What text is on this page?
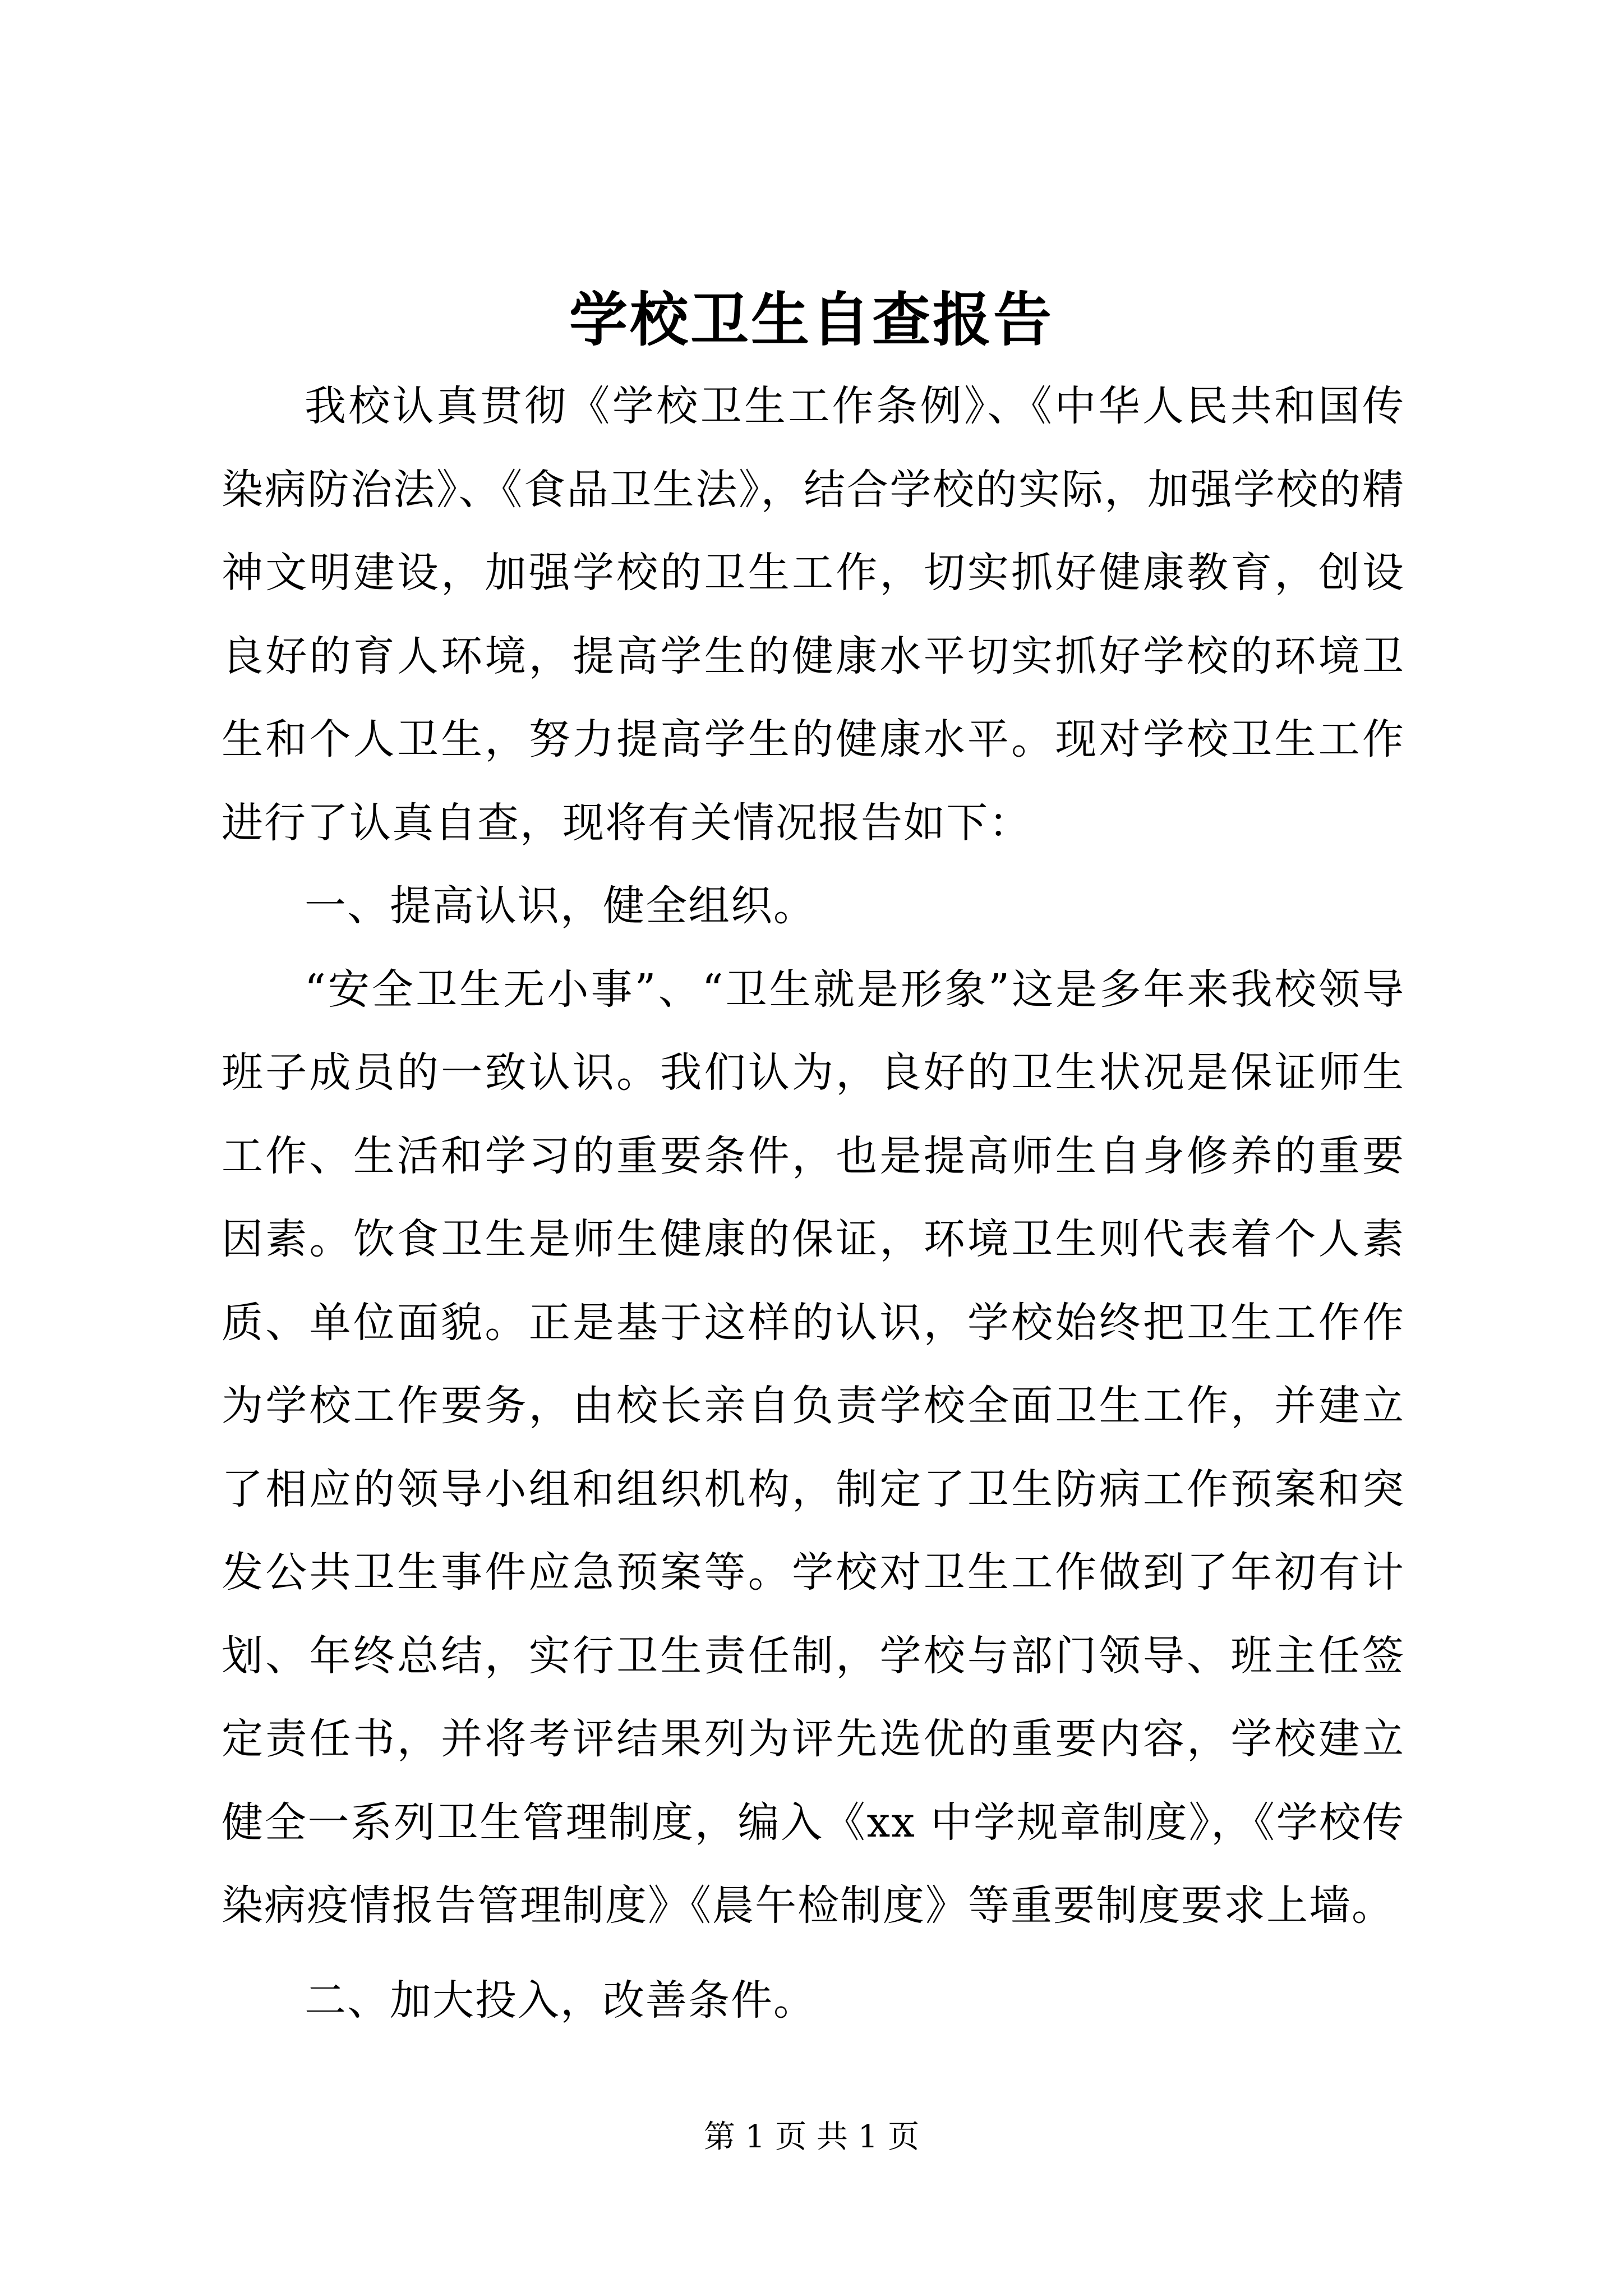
学校卫生自查报告

我校认真贯彻《学校卫生工作条例》、《中华人民共和国传染病防治法》、《食品卫生法》，结合学校的实际，加强学校的精神文明建设，加强学校的卫生工作，切实抓好健康教育，创设良好的育人环境，提高学生的健康水平切实抓好学校的环境卫生和个人卫生，努力提高学生的健康水平。现对学校卫生工作进行了认真自查，现将有关情况报告如下：

一、提高认识，健全组织。

“安全卫生无小事”、“卫生就是形象”这是多年来我校领导班子成员的一致认识。我们认为，良好的卫生状况是保证师生工作、生活和学习的重要条件，也是提高师生自身修养的重要因素。饮食卫生是师生健康的保证，环境卫生则代表着个人素质、单位面貌。正是基于这样的认识，学校始终把卫生工作作为学校工作要务，由校长亲自负责学校全面卫生工作，并建立了相应的领导小组和组织机构，制定了卫生防病工作预案和突发公共卫生事件应急预案等。学校对卫生工作做到了年初有计划、年终总结，实行卫生责任制，学校与部门领导、班主任签定责任书，并将考评结果列为评先选优的重要内容，学校建立健全一系列卫生管理制度，编入《xx 中学规章制度》，《学校传染病疫情报告管理制度》《晨午检制度》等重要制度要求上墙。

二、加大投入，改善条件。

第 1 页 共 1 页
